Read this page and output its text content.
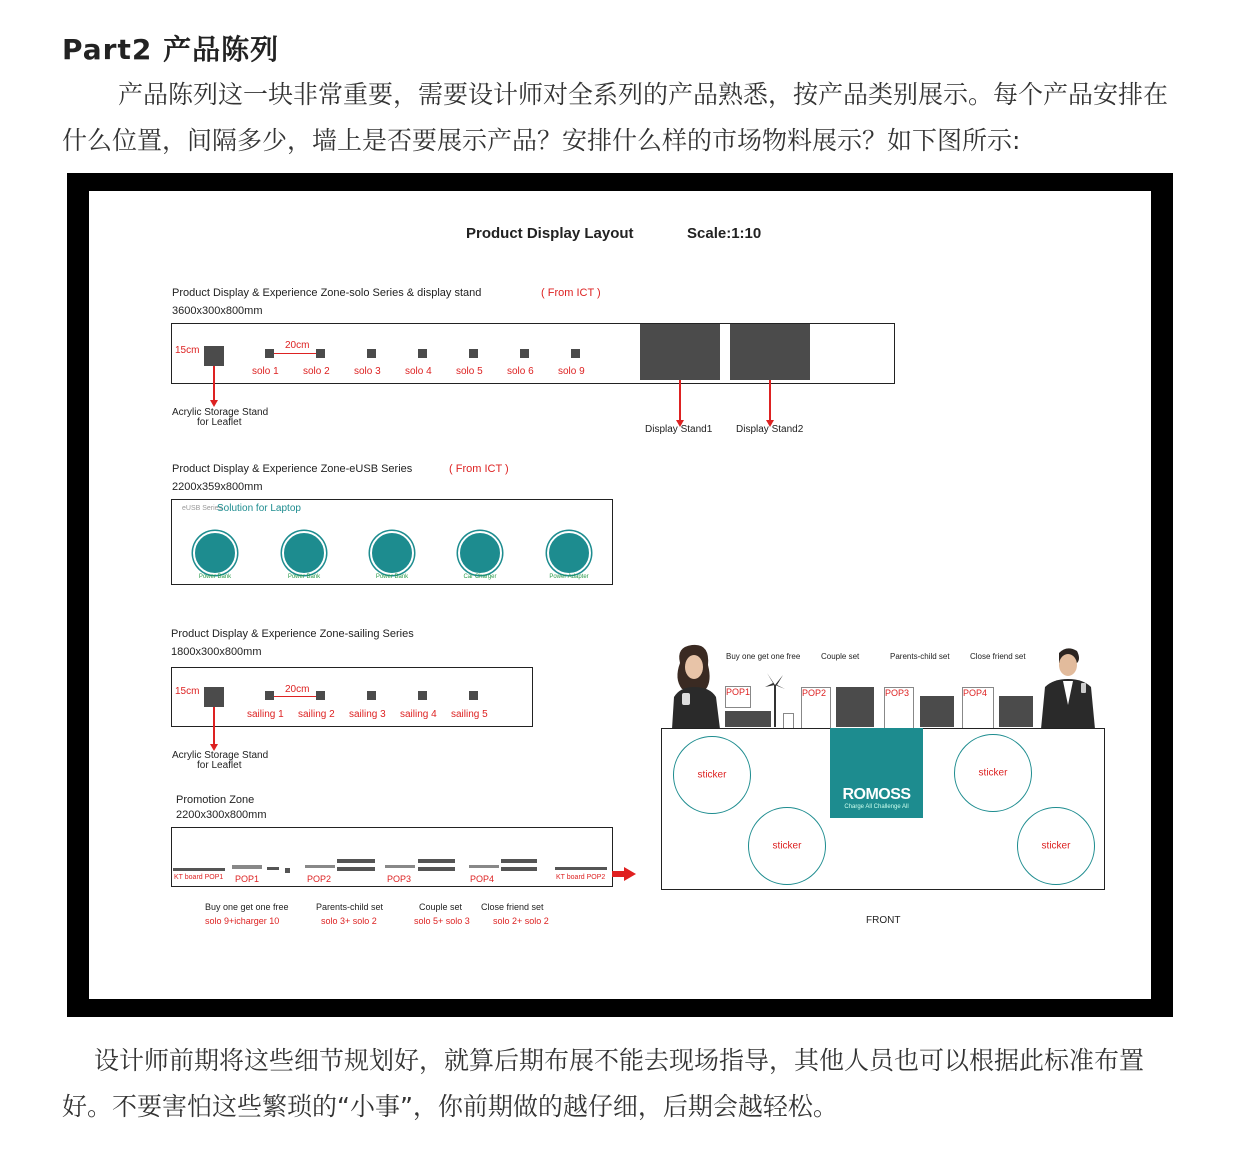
Part2 产品陈列
产品陈列这一块非常重要，需要设计师对全系列的产品熟悉，按产品类别展示。每个产品安排在什么位置，间隔多少，墙上是否要展示产品？安排什么样的市场物料展示？如下图所示:
Product Display Layout	Scale:1:10
Product Display & Experience Zone-solo Series & display stand	( From ICT )
3600x300x800mm
15cm	20cm
solo 1 solo 2 solo 3 solo 4 solo 5 solo 6 solo 9
Acrylic Storage Stand
for Leaflet
Display Stand1 Display Stand2
Product Display & Experience Zone-eUSB Series	( From ICT )
2200x359x800mm
eUSB Series
Solution for Laptop
Power Bank	Power Bank	Power Bank	Car Charger	Power Adapter
Product Display & Experience Zone-sailing Series
1800x300x800mm
15cm	20cm
sailing 1 sailing 2 sailing 3 sailing 4 sailing 5
Acrylic Storage Stand
for Leaflet
Promotion Zone
2200x300x800mm
KT board POP1 POP1	POP2	POP3	POP4	KT board POP2
Buy one get one free
solo 9+icharger 10
Parents-child set
solo 3+ solo 2
Couple set
solo 5+ solo 3
Close friend set
solo 2+ solo 2
Buy one get one free	Couple set	Parents-child set	Close friend set
POP1	POP2	POP3	POP4
ROMOSS
Charge All Challenge All
sticker
sticker
sticker
sticker
FRONT
设计师前期将这些细节规划好，就算后期布展不能去现场指导，其他人员也可以根据此标准布置好。不要害怕这些繁琐的“小事”，你前期做的越仔细，后期会越轻松。
